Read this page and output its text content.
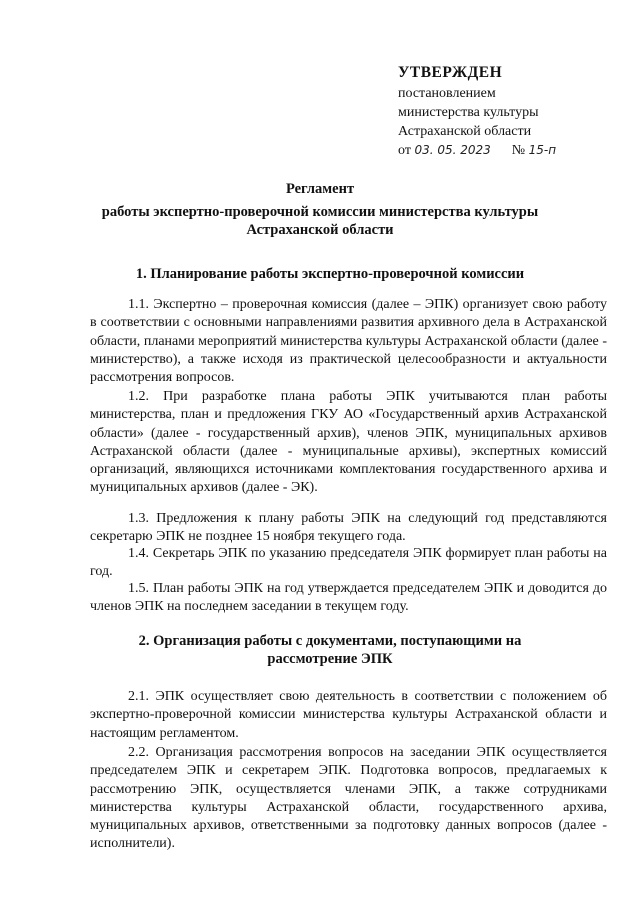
УТВЕРЖДЕН
постановлением
министерства культуры
Астраханской области
от 03. 05. 2023 № 15-п
Регламент
работы экспертно-проверочной комиссии министерства культуры
Астраханской области
1. Планирование работы экспертно-проверочной комиссии
1.1. Экспертно – проверочная комиссия (далее – ЭПК) организует свою работу в соответствии с основными направлениями развития архивного дела в Астраханской области, планами мероприятий министерства культуры Астраханской области (далее - министерство), а также исходя из практической целесообразности и актуальности рассмотрения вопросов.
1.2. При разработке плана работы ЭПК учитываются план работы министерства, план и предложения ГКУ АО «Государственный архив Астраханской области» (далее - государственный архив), членов ЭПК, муниципальных архивов Астраханской области (далее - муниципальные архивы), экспертных комиссий организаций, являющихся источниками комплектования государственного архива и муниципальных архивов (далее - ЭК).
1.3. Предложения к плану работы ЭПК на следующий год представляются секретарю ЭПК не позднее 15 ноября текущего года.
1.4. Секретарь ЭПК по указанию председателя ЭПК формирует план работы на год.
1.5. План работы ЭПК на год утверждается председателем ЭПК и доводится до членов ЭПК на последнем заседании в текущем году.
2. Организация работы с документами, поступающими на
рассмотрение ЭПК
2.1. ЭПК осуществляет свою деятельность в соответствии с положением об экспертно-проверочной комиссии министерства культуры Астраханской области и настоящим регламентом.
2.2. Организация рассмотрения вопросов на заседании ЭПК осуществляется председателем ЭПК и секретарем ЭПК. Подготовка вопросов, предлагаемых к рассмотрению ЭПК, осуществляется членами ЭПК, а также сотрудниками министерства культуры Астраханской области, государственного архива, муниципальных архивов, ответственными за подготовку данных вопросов (далее - исполнители).
